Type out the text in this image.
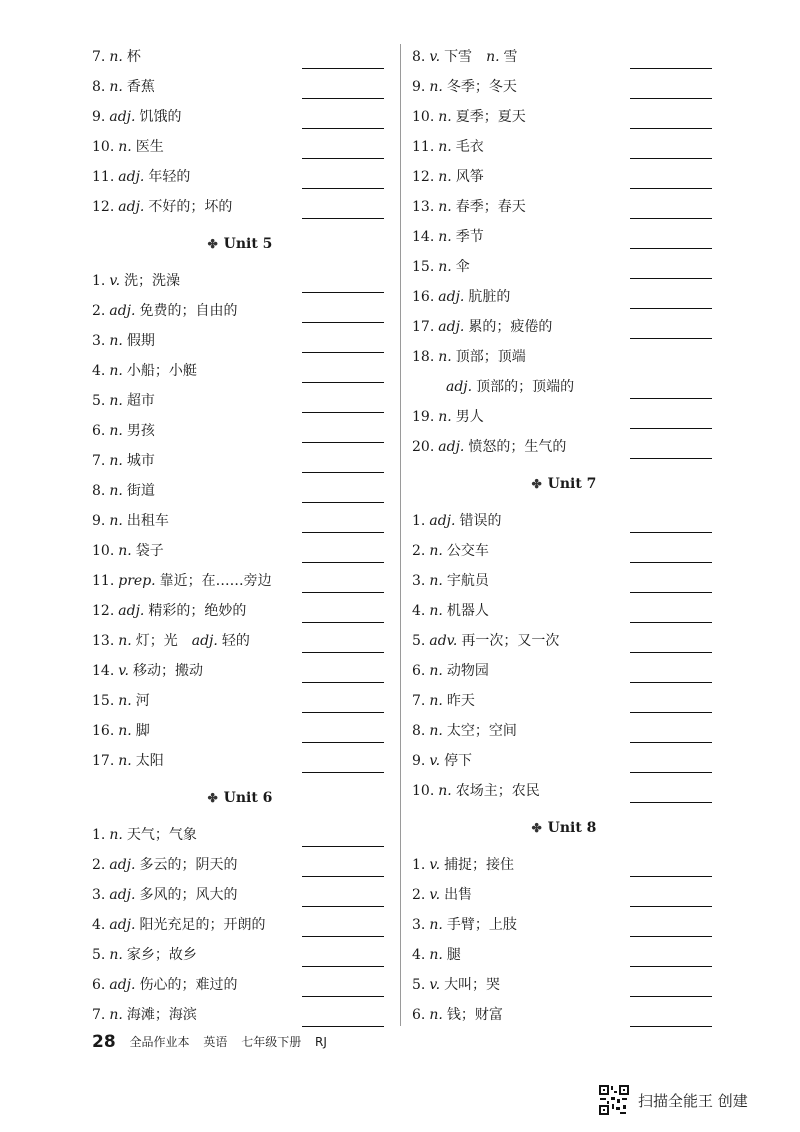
7. n. 杯
8. n. 香蕉
9. adj. 饥饿的
10. n. 医生
11. adj. 年轻的
12. adj. 不好的；坏的
✤ Unit 5
1. v. 洗；洗澡
2. adj. 免费的；自由的
3. n. 假期
4. n. 小船；小艇
5. n. 超市
6. n. 男孩
7. n. 城市
8. n. 街道
9. n. 出租车
10. n. 袋子
11. prep. 靠近；在……旁边
12. adj. 精彩的；绝妙的
13. n. 灯；光 adj. 轻的
14. v. 移动；搬动
15. n. 河
16. n. 脚
17. n. 太阳
✤ Unit 6
1. n. 天气；气象
2. adj. 多云的；阴天的
3. adj. 多风的；风大的
4. adj. 阳光充足的；开朗的
5. n. 家乡；故乡
6. adj. 伤心的；难过的
7. n. 海滩；海滨
8. v. 下雪 n. 雪
9. n. 冬季；冬天
10. n. 夏季；夏天
11. n. 毛衣
12. n. 风筝
13. n. 春季；春天
14. n. 季节
15. n. 伞
16. adj. 肮脏的
17. adj. 累的；疲倦的
18. n. 顶部；顶端
adj. 顶部的；顶端的
19. n. 男人
20. adj. 愤怒的；生气的
✤ Unit 7
1. adj. 错误的
2. n. 公交车
3. n. 宇航员
4. n. 机器人
5. adv. 再一次；又一次
6. n. 动物园
7. n. 昨天
8. n. 太空；空间
9. v. 停下
10. n. 农场主；农民
✤ Unit 8
1. v. 捕捉；接住
2. v. 出售
3. n. 手臂；上肢
4. n. 腿
5. v. 大叫；哭
6. n. 钱；财富
28 全品作业本 英语 七年级下册 RJ
扫描全能王 创建
